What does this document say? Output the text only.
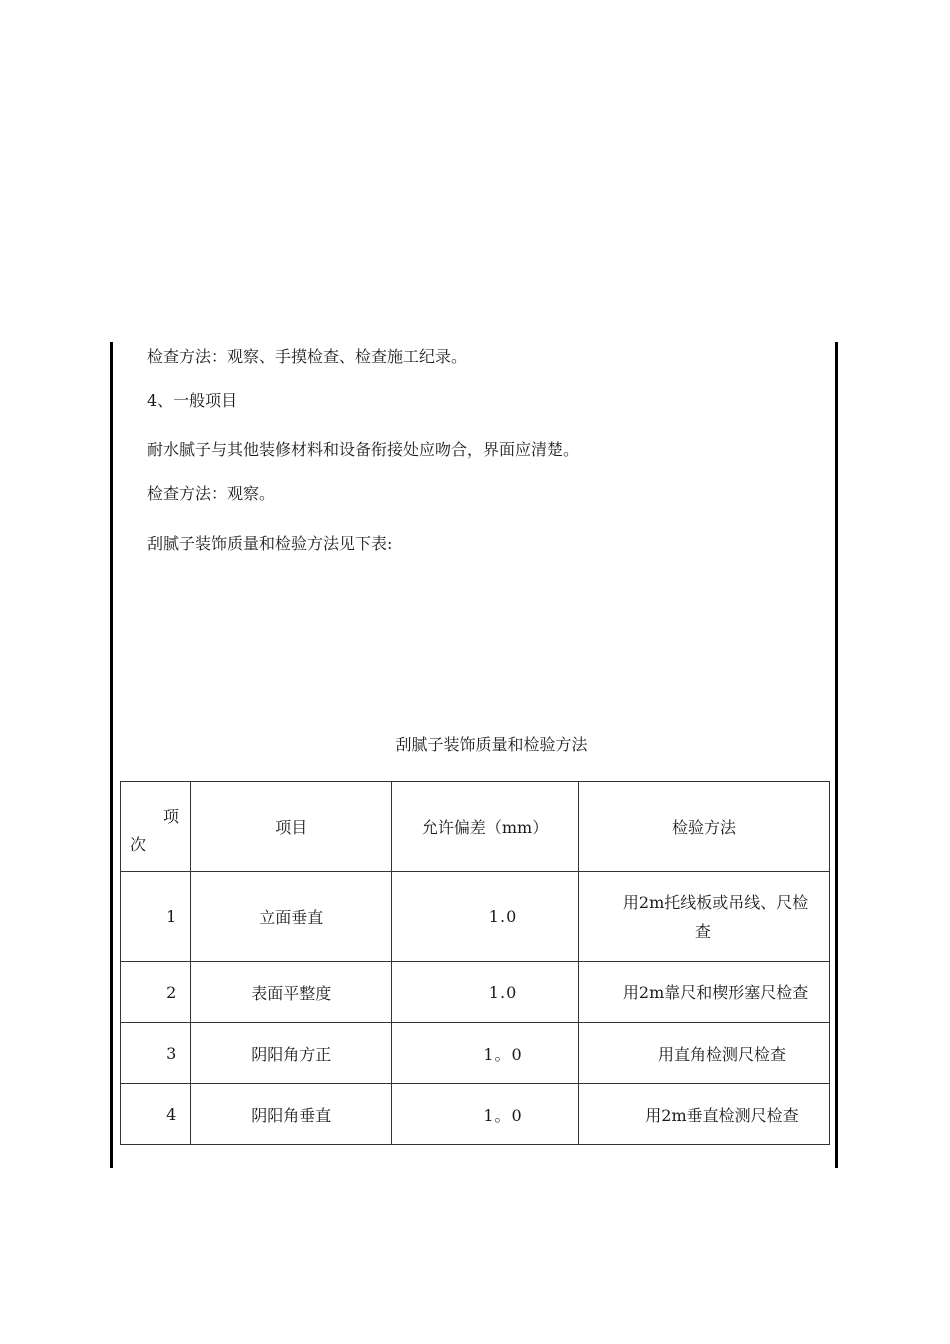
检查方法：观察、手摸检查、检查施工纪录。
4、一般项目
耐水腻子与其他装修材料和设备衔接处应吻合，界面应清楚。
检查方法：观察。
刮腻子装饰质量和检验方法见下表:
刮腻子装饰质量和检验方法
项
次	项目	允许偏差（mm）	检验方法
1	立面垂直	1.0	用2m托线板或吊线、尺检
查
2	表面平整度	1.0	用2m靠尺和楔形塞尺检查
3	阴阳角方正	1。0	用直角检测尺检查
4	阴阳角垂直	1。0	用2m垂直检测尺检查
